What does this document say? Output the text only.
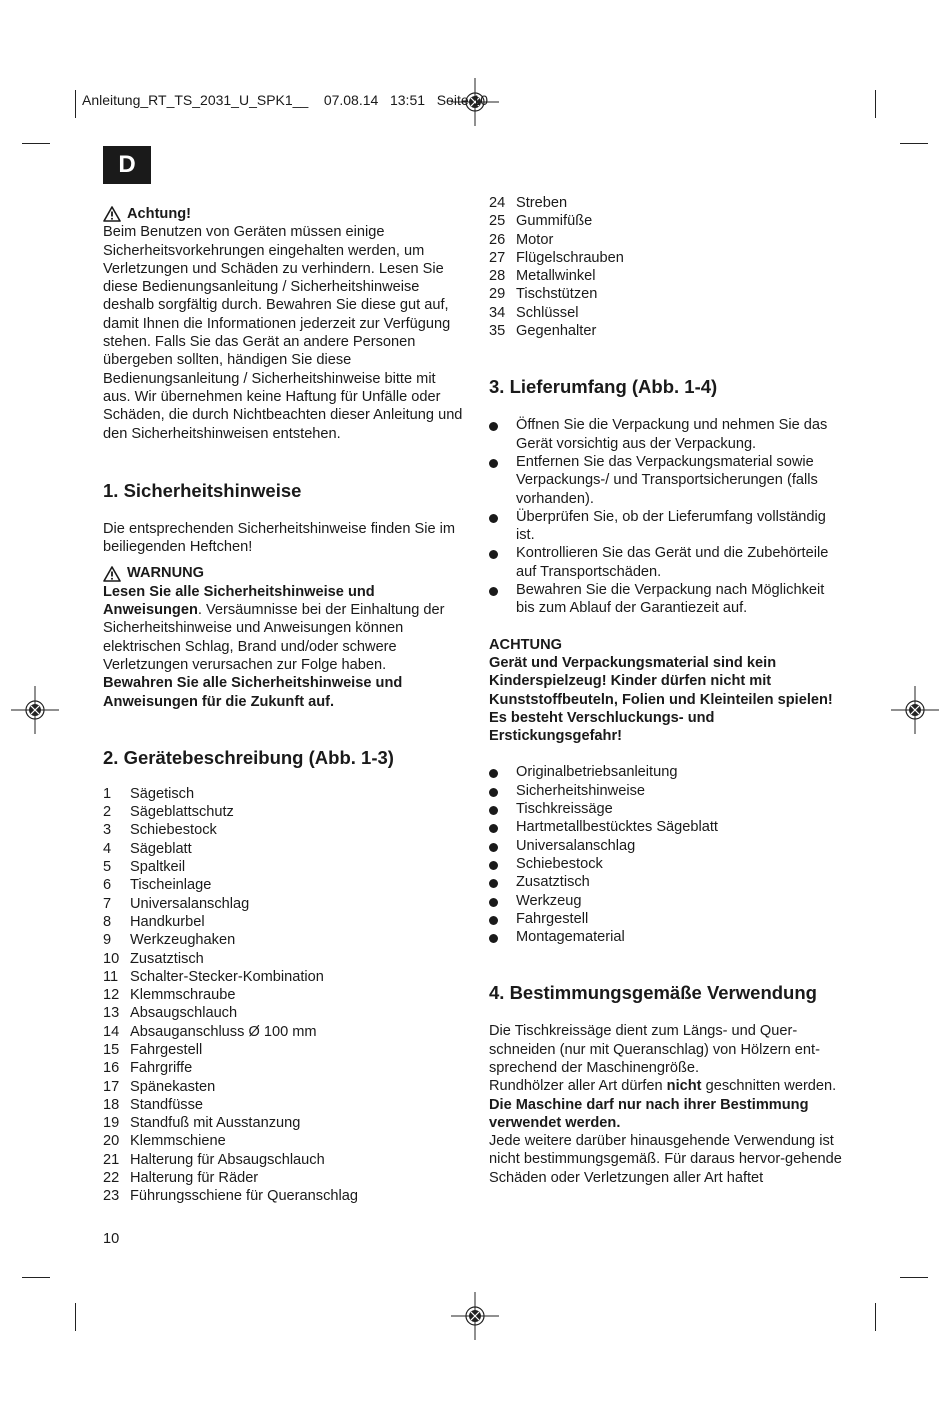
Anleitung_RT_TS_2031_U_SPK1__ 07.08.14 13:51 Seite 10
D
Achtung!

Beim Benutzen von Geräten müssen einige Sicherheitsvorkehrungen eingehalten werden, um Verletzungen und Schäden zu verhindern. Lesen Sie diese Bedienungsanleitung / Sicherheitshinweise deshalb sorgfältig durch. Bewahren Sie diese gut auf, damit Ihnen die Informationen jederzeit zur Verfügung stehen. Falls Sie das Gerät an andere Personen übergeben sollten, händigen Sie diese Bedienungsanleitung / Sicherheitshinweise bitte mit aus. Wir übernehmen keine Haftung für Unfälle oder Schäden, die durch Nichtbeachten dieser Anleitung und den Sicherheitshinweisen entstehen.

1. Sicherheitshinweise

Die entsprechenden Sicherheitshinweise finden Sie im beiliegenden Heftchen!

WARNUNG

Lesen Sie alle Sicherheitshinweise und Anweisungen. Versäumnisse bei der Einhaltung der Sicherheitshinweise und Anweisungen können elektrischen Schlag, Brand und/oder schwere Verletzungen verursachen zur Folge haben.

Bewahren Sie alle Sicherheitshinweise und Anweisungen für die Zukunft auf.

2. Gerätebeschreibung (Abb. 1-3)
1	Sägetisch
2	Sägeblattschutz
3	Schiebestock
4	Sägeblatt
5	Spaltkeil
6	Tischeinlage
7	Universalanschlag
8	Handkurbel
9	Werkzeughaken
10 Zusatztisch
11 Schalter-Stecker-Kombination
12 Klemmschraube
13 Absaugschlauch
14 Absauganschluss Ø 100 mm
15 Fahrgestell
16 Fahrgriffe
17 Spänekasten
18 Standfüsse
19 Standfuß mit Ausstanzung
20 Klemmschiene
21 Halterung für Absaugschlauch
22 Halterung für Räder
23 Führungsschiene für Queranschlag
24 Streben
25 Gummifüße
26 Motor
27 Flügelschrauben
28 Metallwinkel
29 Tischstützen
34 Schlüssel
35 Gegenhalter
3. Lieferumfang (Abb. 1-4)
Öffnen Sie die Verpackung und nehmen Sie das Gerät vorsichtig aus der Verpackung.
Entfernen Sie das Verpackungsmaterial sowie Verpackungs-/ und Transportsicherungen (falls vorhanden).
Überprüfen Sie, ob der Lieferumfang vollständig ist.
Kontrollieren Sie das Gerät und die Zubehörteile auf Transportschäden.
Bewahren Sie die Verpackung nach Möglichkeit bis zum Ablauf der Garantiezeit auf.

ACHTUNG

Gerät und Verpackungsmaterial sind kein Kinderspielzeug! Kinder dürfen nicht mit Kunststoffbeuteln, Folien und Kleinteilen spielen! Es besteht Verschluckungs- und Erstickungsgefahr!

Originalbetriebsanleitung
Sicherheitshinweise
Tischkreissäge
Hartmetallbestücktes Sägeblatt
Universalanschlag
Schiebestock
Zusatztisch
Werkzeug
Fahrgestell
Montagematerial
4. Bestimmungsgemäße Verwendung

Die Tischkreissäge dient zum Längs- und Quer-schneiden (nur mit Queranschlag) von Hölzern ent-sprechend der Maschinengröße.

Rundhölzer aller Art dürfen nicht geschnitten werden.

Die Maschine darf nur nach ihrer Bestimmung verwendet werden.

Jede weitere darüber hinausgehende Verwendung ist nicht bestimmungsgemäß. Für daraus hervor-gehende Schäden oder Verletzungen aller Art haftet

10
